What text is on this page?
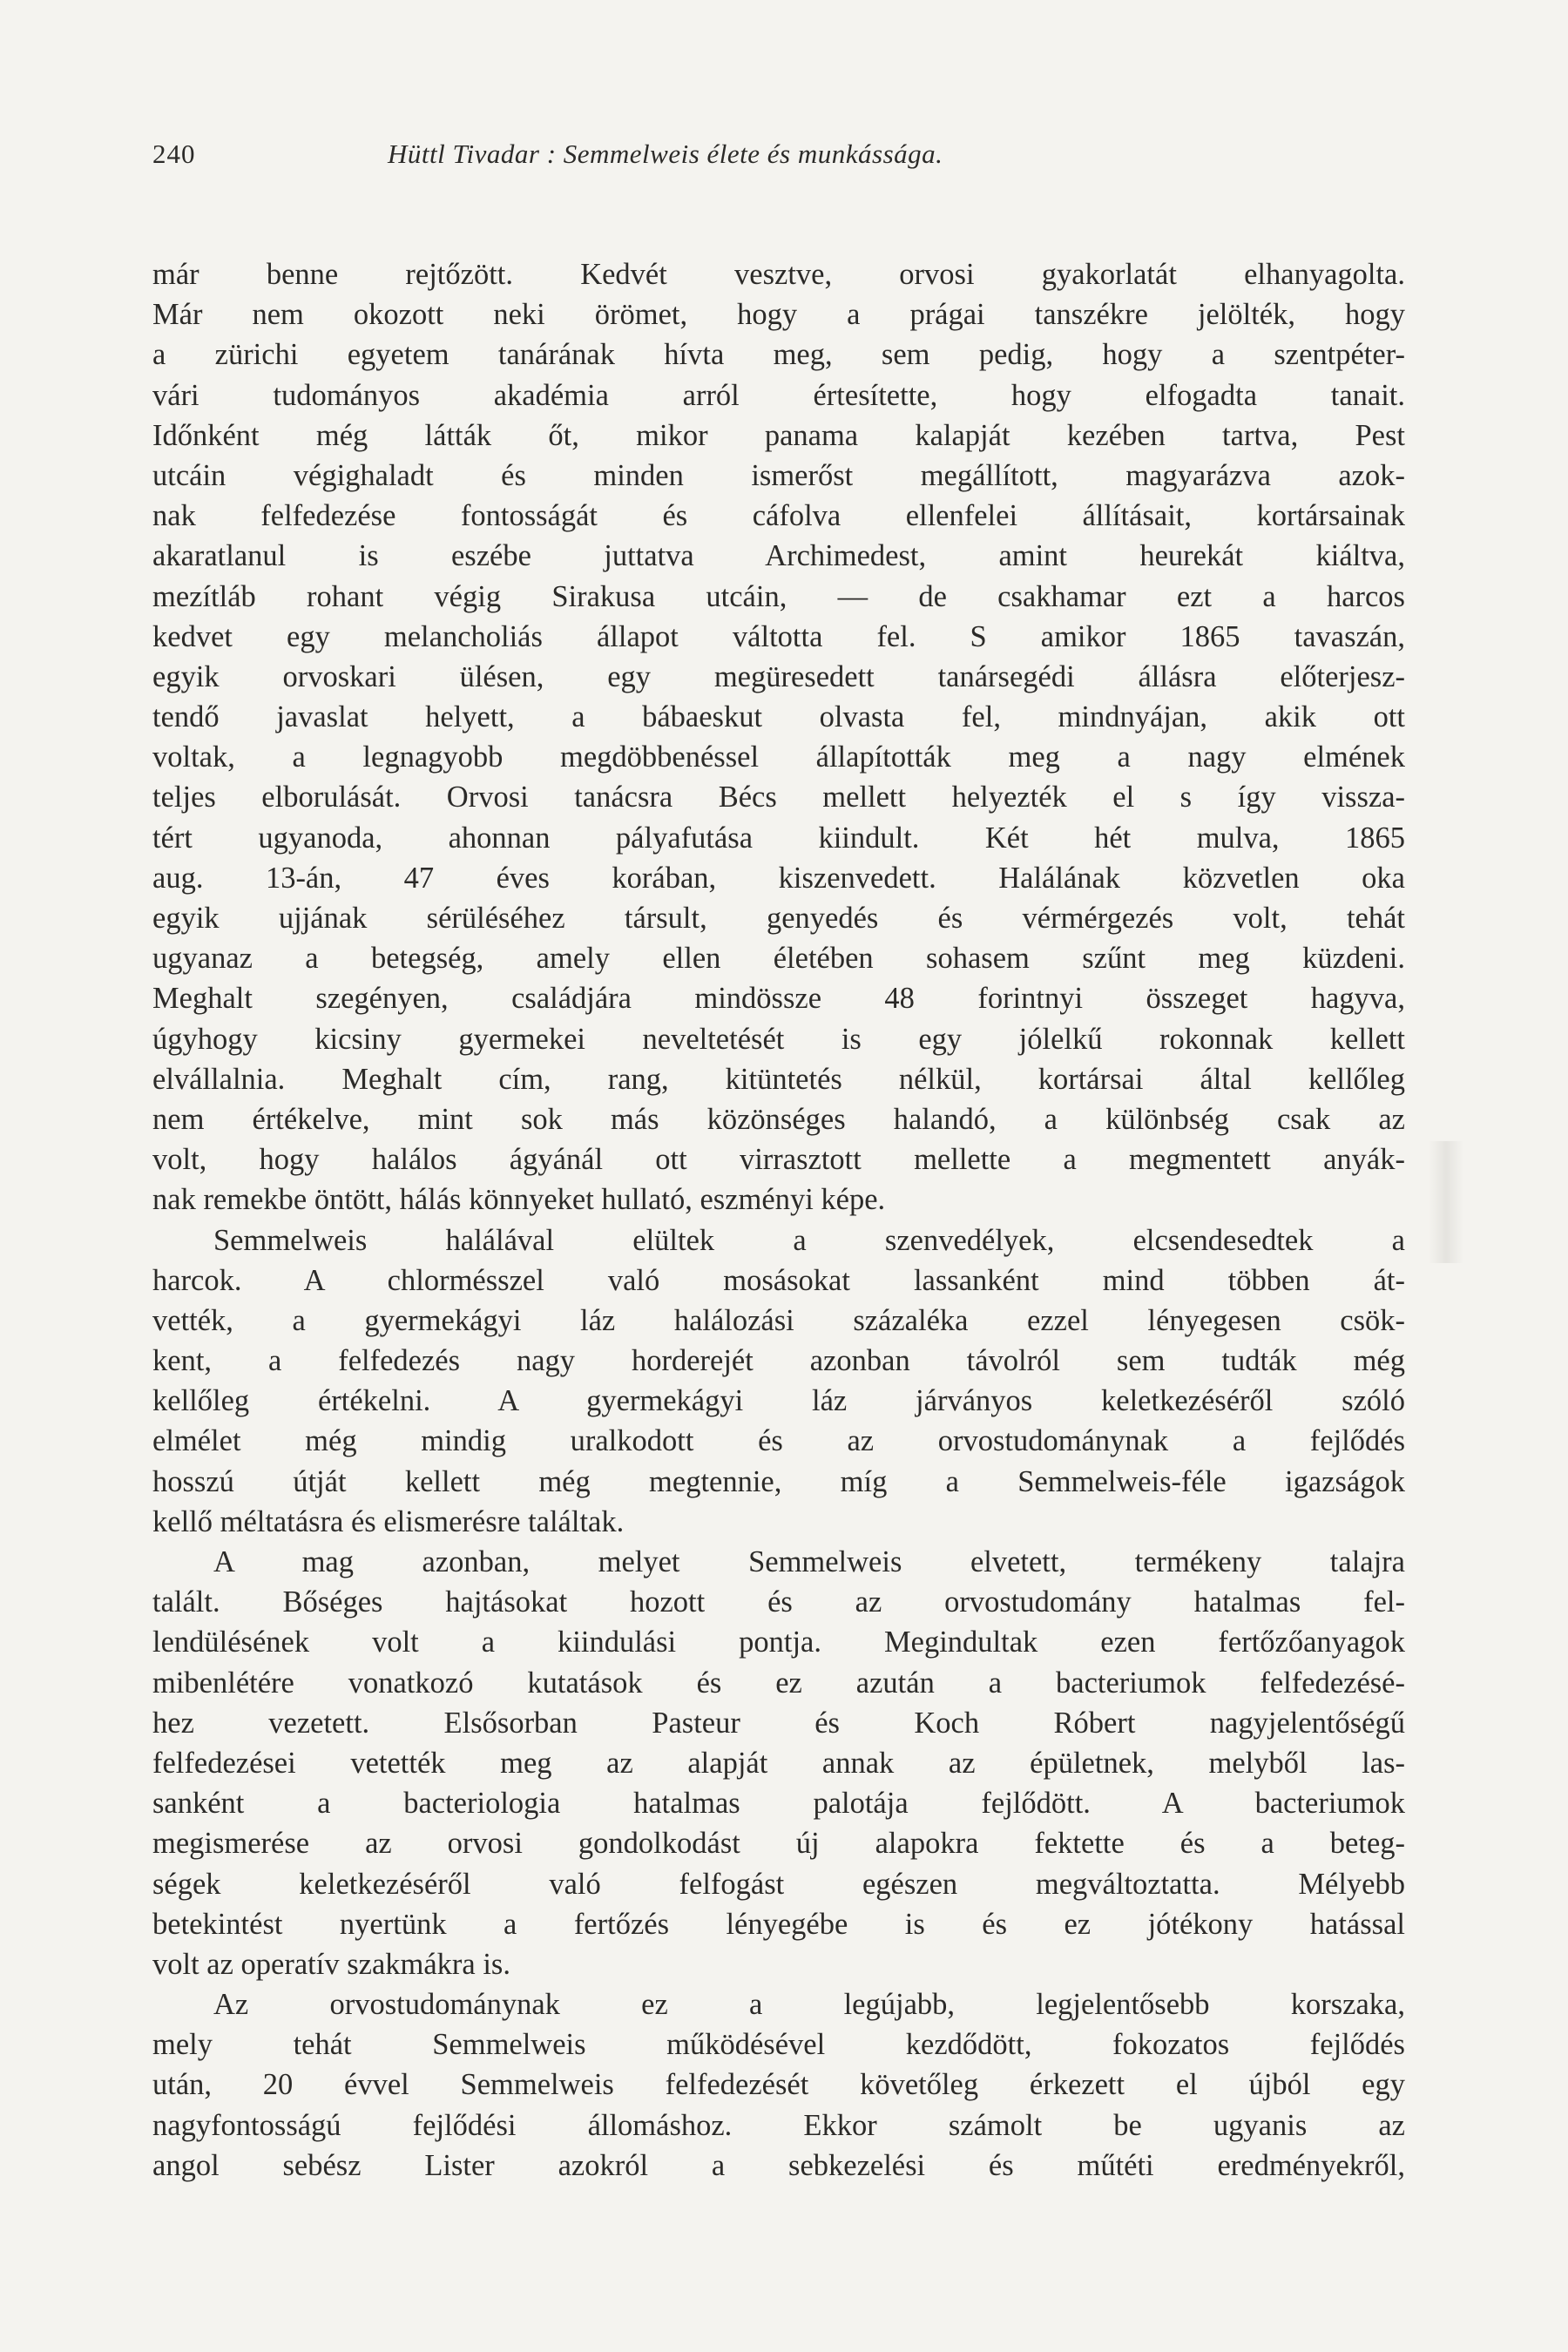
240	Hüttl Tivadar : Semmelweis élete és munkássága.
már benne rejtőzött. Kedvét vesztve, orvosi gyakorlatát elhanyagolta.
Már nem okozott neki örömet, hogy a prágai tanszékre jelölték, hogy
a zürichi egyetem tanárának hívta meg, sem pedig, hogy a szentpéter-
vári tudományos akadémia arról értesítette, hogy elfogadta tanait.
Időnként még látták őt, mikor panama kalapját kezében tartva, Pest
utcáin végighaladt és minden ismerőst megállított, magyarázva azok-
nak felfedezése fontosságát és cáfolva ellenfelei állításait, kortársainak
akaratlanul is eszébe juttatva Archimedest, amint heurekát kiáltva,
mezítláb rohant végig Sirakusa utcáin, — de csakhamar ezt a harcos
kedvet egy melancholiás állapot váltotta fel. S amikor 1865 tavaszán,
egyik orvoskari ülésen, egy megüresedett tanársegédi állásra előterjesz-
tendő javaslat helyett, a bábaeskut olvasta fel, mindnyájan, akik ott
voltak, a legnagyobb megdöbbenéssel állapították meg a nagy elmének
teljes elborulását. Orvosi tanácsra Bécs mellett helyezték el s így vissza-
tért ugyanoda, ahonnan pályafutása kiindult. Két hét mulva, 1865
aug. 13-án, 47 éves korában, kiszenvedett. Halálának közvetlen oka
egyik ujjának sérüléséhez társult, genyedés és vérmérgezés volt, tehát
ugyanaz a betegség, amely ellen életében sohasem szűnt meg küzdeni.
Meghalt szegényen, családjára mindössze 48 forintnyi összeget hagyva,
úgyhogy kicsiny gyermekei neveltetését is egy jólelkű rokonnak kellett
elvállalnia. Meghalt cím, rang, kitüntetés nélkül, kortársai által kellőleg
nem értékelve, mint sok más közönséges halandó, a különbség csak az
volt, hogy halálos ágyánál ott virrasztott mellette a megmentett anyák-
nak remekbe öntött, hálás könnyeket hullató, eszményi képe.
Semmelweis halálával elültek a szenvedélyek, elcsendesedtek a
harcok. A chlormésszel való mosásokat lassanként mind többen át-
vették, a gyermekágyi láz halálozási százaléka ezzel lényegesen csök-
kent, a felfedezés nagy horderejét azonban távolról sem tudták még
kellőleg értékelni. A gyermekágyi láz járványos keletkezéséről szóló
elmélet még mindig uralkodott és az orvostudománynak a fejlődés
hosszú útját kellett még megtennie, míg a Semmelweis-féle igazságok
kellő méltatásra és elismerésre találtak.
A mag azonban, melyet Semmelweis elvetett, termékeny talajra
talált. Bőséges hajtásokat hozott és az orvostudomány hatalmas fel-
lendülésének volt a kiindulási pontja. Megindultak ezen fertőzőanyagok
mibenlétére vonatkozó kutatások és ez azután a bacteriumok felfedezésé-
hez vezetett. Elsősorban Pasteur és Koch Róbert nagyjelentőségű
felfedezései vetették meg az alapját annak az épületnek, melyből las-
sanként a bacteriologia hatalmas palotája fejlődött. A bacteriumok
megismerése az orvosi gondolkodást új alapokra fektette és a beteg-
ségek keletkezéséről való felfogást egészen megváltoztatta. Mélyebb
betekintést nyertünk a fertőzés lényegébe is és ez jótékony hatással
volt az operatív szakmákra is.
Az orvostudománynak ez a legújabb, legjelentősebb korszaka,
mely tehát Semmelweis működésével kezdődött, fokozatos fejlődés
után, 20 évvel Semmelweis felfedezését követőleg érkezett el újból egy
nagyfontosságú fejlődési állomáshoz. Ekkor számolt be ugyanis az
angol sebész Lister azokról a sebkezelési és műtéti eredményekről,
